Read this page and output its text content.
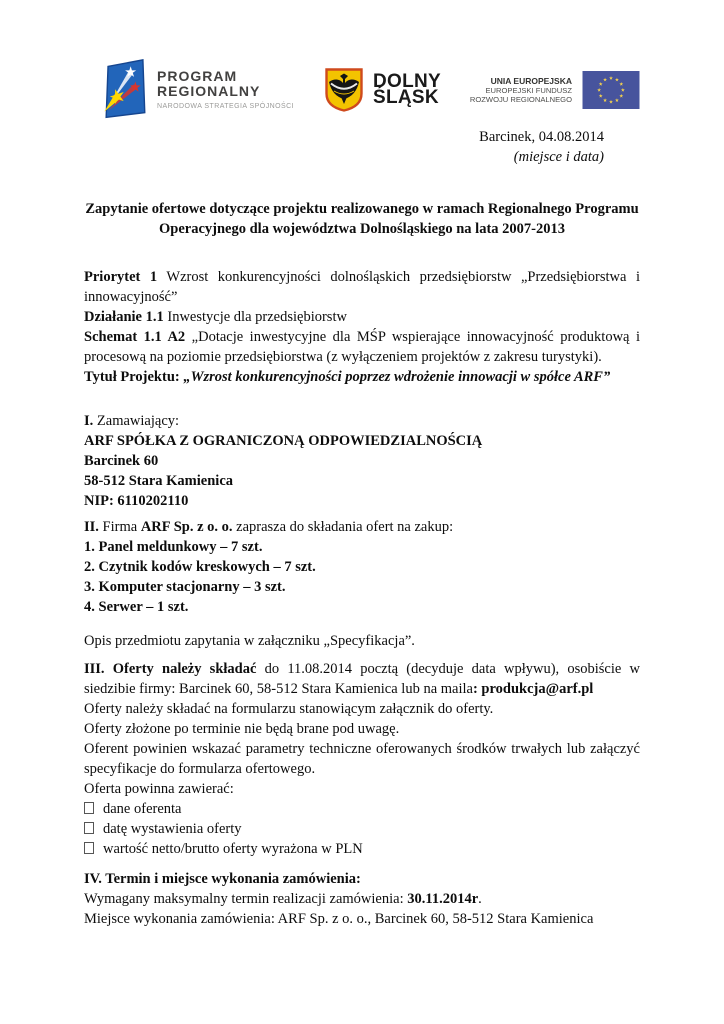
PROGRAM
REGIONALNY
NARODOWA STRATEGIA SPÓJNOŚCI
DOLNY
ŚLĄSK
UNIA EUROPEJSKA
EUROPEJSKI FUNDUSZ
ROZWOJU REGIONALNEGO

Barcinek, 04.08.2014

(miejsce i data)

Zapytanie ofertowe dotyczące projektu realizowanego w ramach Regionalnego Programu

Operacyjnego dla województwa Dolnośląskiego na lata 2007-2013

Priorytet 1 Wzrost konkurencyjności dolnośląskich przedsiębiorstw „Przedsiębiorstwa i innowacyjność”

Działanie 1.1 Inwestycje dla przedsiębiorstw

Schemat 1.1 A2 „Dotacje inwestycyjne dla MŚP wspierające innowacyjność produktową i procesową na poziomie przedsiębiorstwa (z wyłączeniem projektów z zakresu turystyki).

Tytuł Projektu: „Wzrost konkurencyjności poprzez wdrożenie innowacji w spółce ARF”

I. Zamawiający:

ARF SPÓŁKA Z OGRANICZONĄ ODPOWIEDZIALNOŚCIĄ

Barcinek 60

58-512 Stara Kamienica

NIP: 6110202110

II. Firma ARF Sp. z o. o. zaprasza do składania ofert na zakup:

1. Panel meldunkowy – 7 szt.

2. Czytnik kodów kreskowych – 7 szt.

3. Komputer stacjonarny – 3 szt.

4. Serwer – 1 szt.

Opis przedmiotu zapytania w załączniku „Specyfikacja”.

III. Oferty należy składać do 11.08.2014 pocztą (decyduje data wpływu), osobiście w siedzibie firmy: Barcinek 60, 58-512 Stara Kamienica lub na maila: produkcja@arf.pl

Oferty należy składać na formularzu stanowiącym załącznik do oferty.

Oferty złożone po terminie nie będą brane pod uwagę.

Oferent powinien wskazać parametry techniczne oferowanych środków trwałych lub załączyć specyfikacje do formularza ofertowego.

Oferta powinna zawierać:

dane oferenta

datę wystawienia oferty

wartość netto/brutto oferty wyrażona w PLN

IV. Termin i miejsce wykonania zamówienia:

Wymagany maksymalny termin realizacji zamówienia: 30.11.2014r.

Miejsce wykonania zamówienia: ARF Sp. z o. o., Barcinek 60, 58-512 Stara Kamienica
